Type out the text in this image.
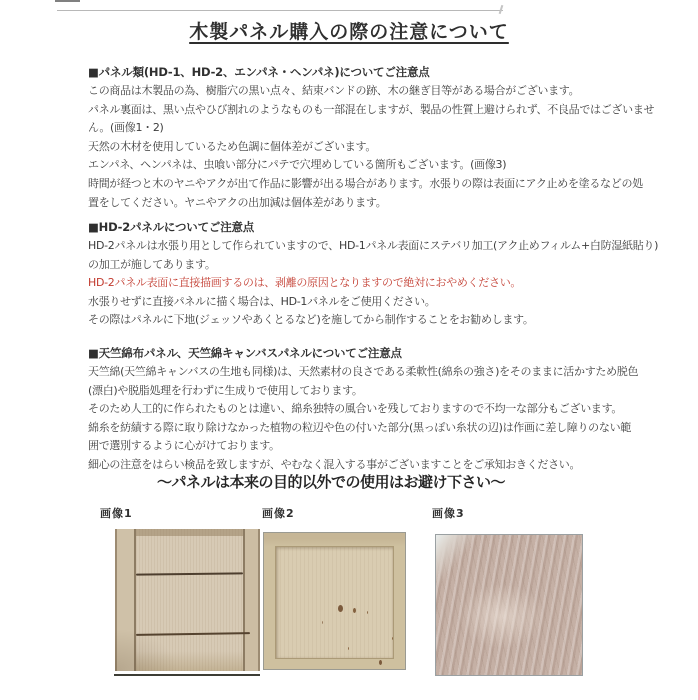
木製パネル購入の際の注意について
■パネル類(HD-1、HD-2、エンパネ・ヘンパネ)についてご注意点
この商品は木製品の為、樹脂穴の黒い点々、結束バンドの跡、木の継ぎ目等がある場合がございます。
パネル裏面は、黒い点やひび割れのようなものも一部混在しますが、製品の性質上避けられず、不良品ではございませ
ん。(画像1・2)
天然の木材を使用しているため色調に個体差がございます。
エンパネ、ヘンパネは、虫喰い部分にパテで穴埋めしている箇所もございます。(画像3)
時間が経つと木のヤニやアクが出て作品に影響が出る場合があります。水張りの際は表面にアク止めを塗るなどの処
置をしてください。ヤニやアクの出加減は個体差があります。
■HD-2パネルについてご注意点
HD-2パネルは水張り用として作られていますので、HD-1パネル表面にステバリ加工(アク止めフィルム+白防湿紙貼り)
の加工が施してあります。
HD-2パネル表面に直接描画するのは、剥離の原因となりますので絶対におやめください。
水張りせずに直接パネルに描く場合は、HD-1パネルをご使用ください。
その際はパネルに下地(ジェッソやあくとるなど)を施してから制作することをお勧めします。
■天竺綿布パネル、天竺綿キャンバスパネルについてご注意点
天竺綿(天竺綿キャンバスの生地も同様)は、天然素材の良さである柔軟性(綿糸の強さ)をそのままに活かすため脱色
(漂白)や脱脂処理を行わずに生成りで使用しております。
そのため人工的に作られたものとは違い、綿糸独特の風合いを残しておりますので不均一な部分もございます。
綿糸を紡績する際に取り除けなかった植物の粒辺や色の付いた部分(黒っぽい糸状の辺)は作画に差し障りのない範
囲で選別するように心がけております。
細心の注意をはらい検品を致しますが、やむなく混入する事がございますことをご承知おきください。
～パネルは本来の目的以外での使用はお避け下さい～
画像1	画像2	画像3
